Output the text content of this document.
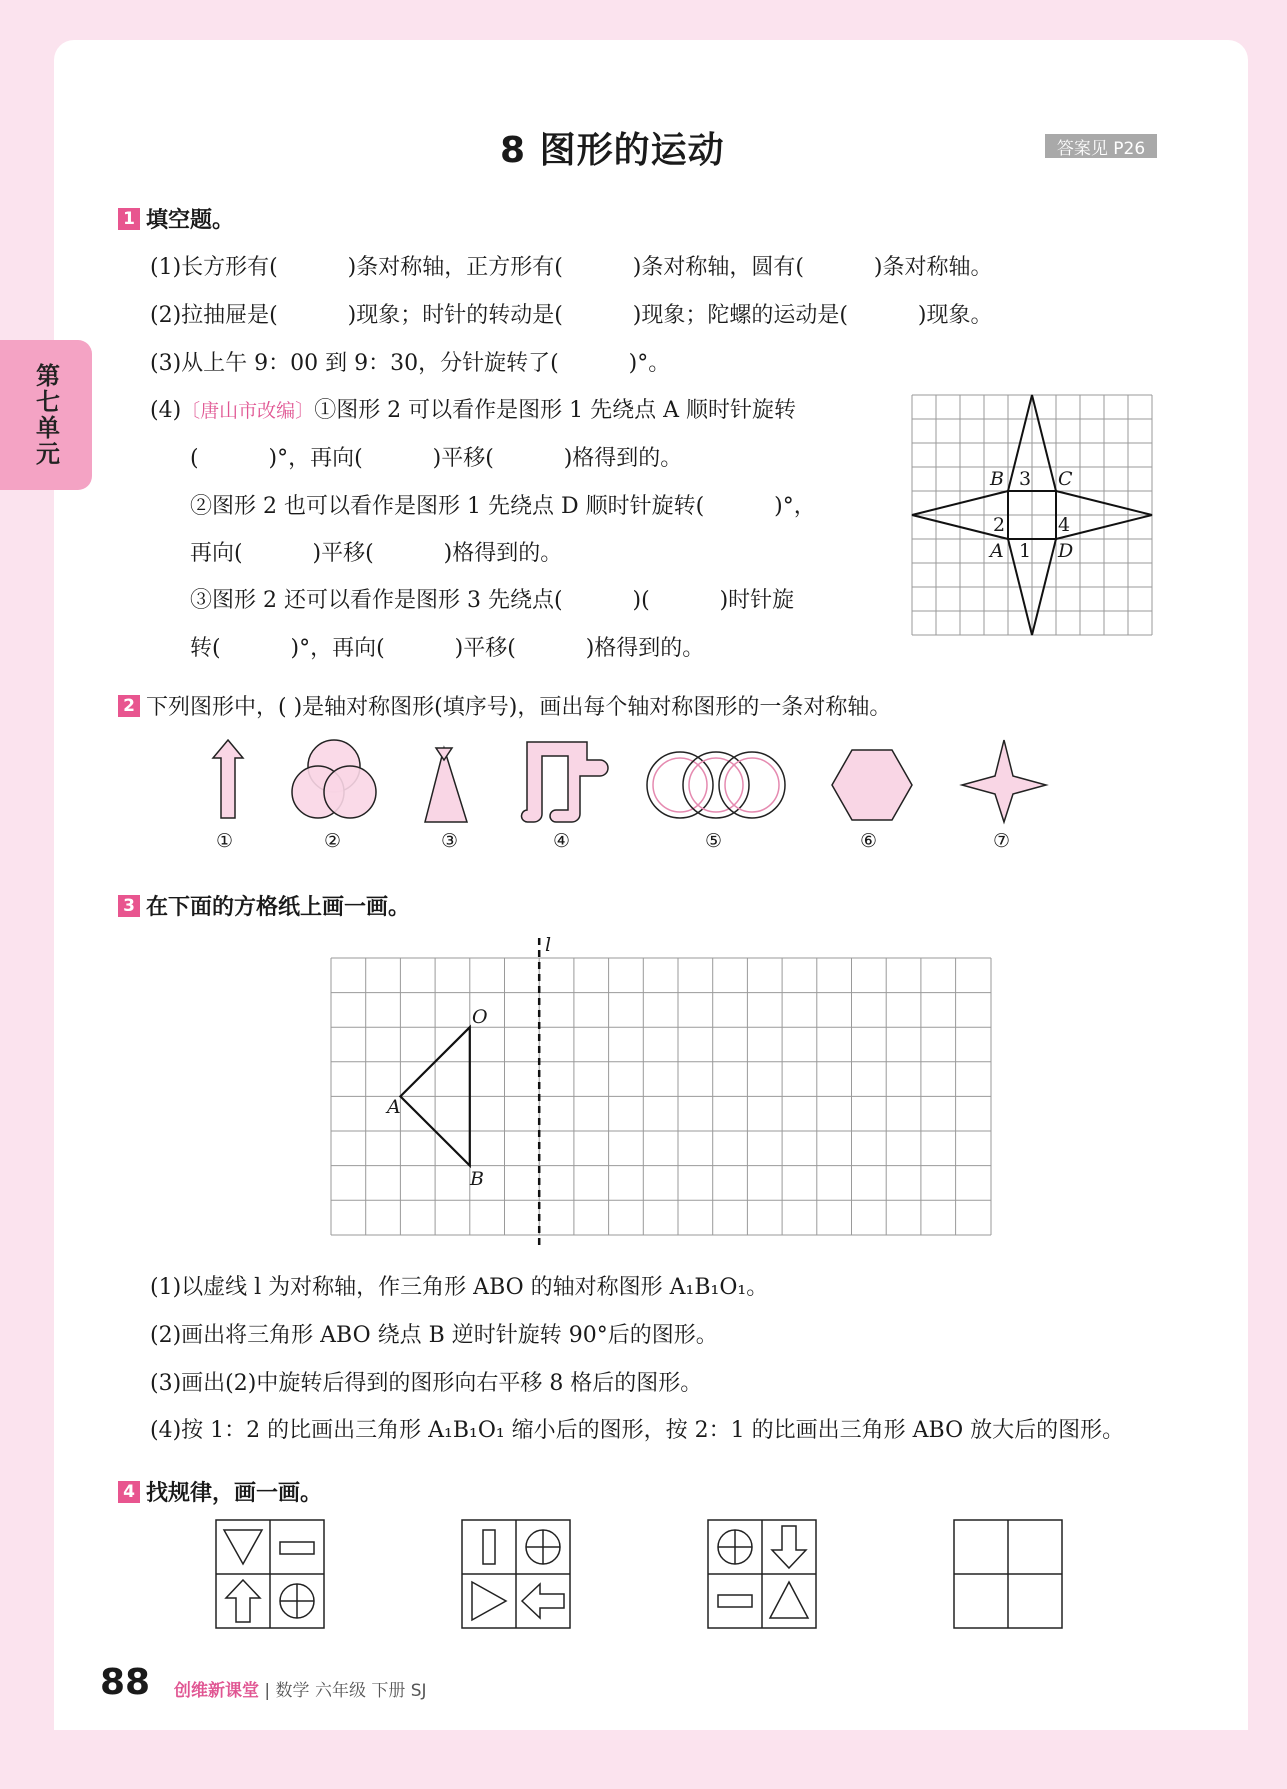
第七单元
8 图形的运动	答案见 P26
1 填空题。
(1)长方形有(          )条对称轴，正方形有(          )条对称轴，圆有(          )条对称轴。
(2)拉抽屉是(          )现象；时针的转动是(          )现象；陀螺的运动是(          )现象。
(3)从上午 9：00 到 9：30，分针旋转了(          )°。
(4)〔唐山市改编〕①图形 2 可以看作是图形 1 先绕点 A 顺时针旋转
(          )°，再向(          )平移(          )格得到的。
②图形 2 也可以看作是图形 1 先绕点 D 顺时针旋转(          )°，
再向(          )平移(          )格得到的。
③图形 2 还可以看作是图形 3 先绕点(          )(          )时针旋
转(          )°，再向(          )平移(          )格得到的。
B 3 C
2	4
A 1 D
2 下列图形中，( )是轴对称图形(填序号)，画出每个轴对称图形的一条对称轴。
①	②	③	④	⑤	⑥	⑦
3 在下面的方格纸上画一画。
l
O
A
B
(1)以虚线 l 为对称轴，作三角形 ABO 的轴对称图形 A₁B₁O₁。
(2)画出将三角形 ABO 绕点 B 逆时针旋转 90°后的图形。
(3)画出(2)中旋转后得到的图形向右平移 8 格后的图形。
(4)按 1：2 的比画出三角形 A₁B₁O₁ 缩小后的图形，按 2：1 的比画出三角形 ABO 放大后的图形。
4 找规律，画一画。
88 创维新课堂 | 数学 六年级 下册 SJ
